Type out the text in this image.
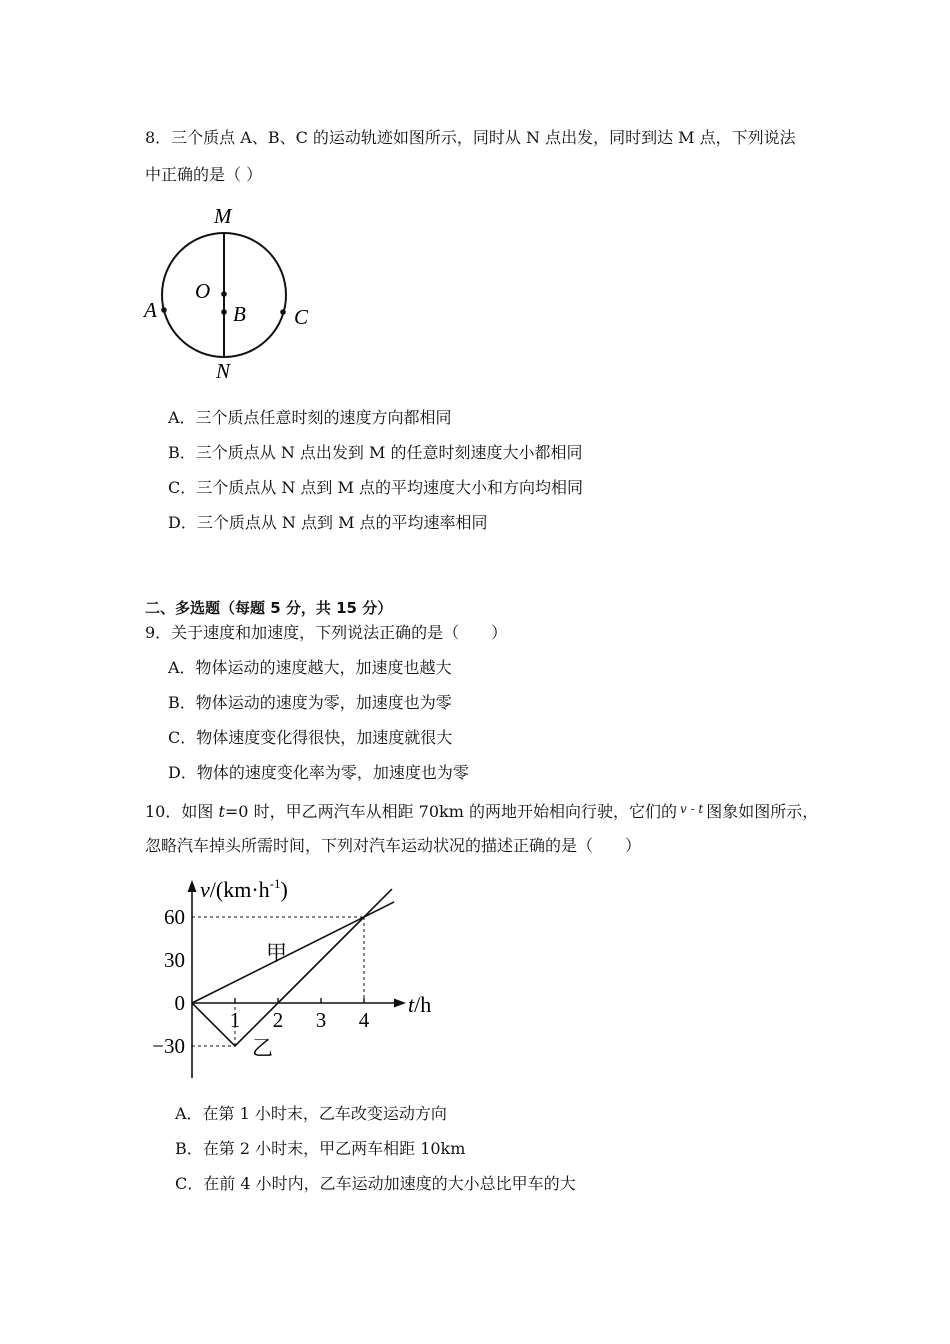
8．三个质点 A、B、C 的运动轨迹如图所示，同时从 N 点出发，同时到达 M 点，下列说法
中正确的是（ ）
M
N
O
A	B C
A．三个质点任意时刻的速度方向都相同
B．三个质点从 N 点出发到 M 的任意时刻速度大小都相同
C．三个质点从 N 点到 M 点的平均速度大小和方向均相同
D．三个质点从 N 点到 M 点的平均速率相同
二、多选题（每题 5 分，共 15 分）
9．关于速度和加速度，下列说法正确的是（　　）
A．物体运动的速度越大，加速度也越大
B．物体运动的速度为零，加速度也为零
C．物体速度变化得很快，加速度就很大
D．物体的速度变化率为零，加速度也为零
10．如图 t=0 时，甲乙两汽车从相距 70km 的两地开始相向行驶，它们的 $^{v - t}$ 图象如图所示，
忽略汽车掉头所需时间，下列对汽车运动状况的描述正确的是（　　）
$v/(km\cdot h^{-1})$
t/h
60
30
0
−30
1 2 3 4
甲
乙
A．在第 1 小时末，乙车改变运动方向
B．在第 2 小时末，甲乙两车相距 10km
C．在前 4 小时内，乙车运动加速度的大小总比甲车的大
